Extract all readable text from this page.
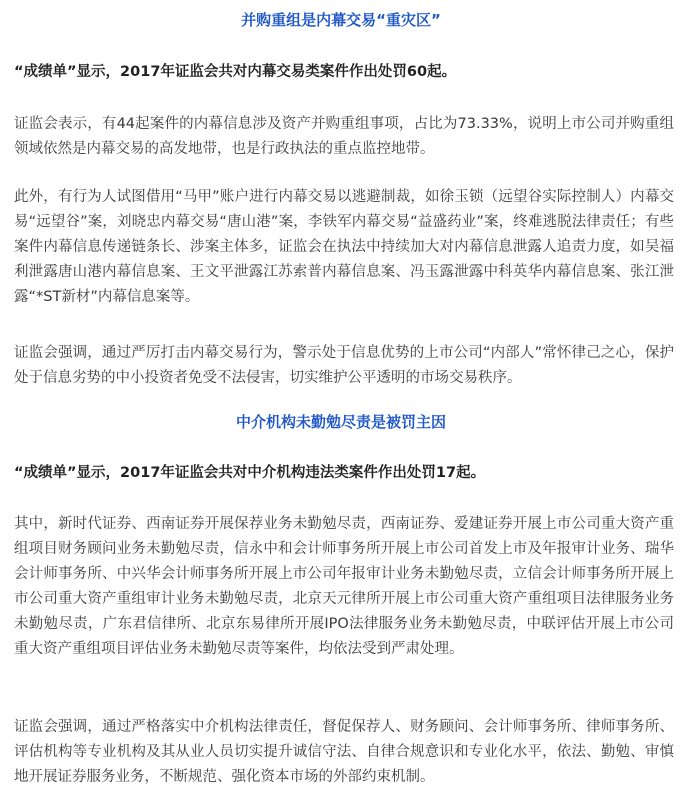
并购重组是内幕交易“重灾区”

“成绩单”显示，2017年证监会共对内幕交易类案件作出处罚60起。

证监会表示，有44起案件的内幕信息涉及资产并购重组事项，占比为73.33%，说明上市公司并购重组领域依然是内幕交易的高发地带，也是行政执法的重点监控地带。

此外，有行为人试图借用“马甲”账户进行内幕交易以逃避制裁，如徐玉锁（远望谷实际控制人）内幕交易“远望谷”案，刘晓忠内幕交易“唐山港”案，李铁军内幕交易“益盛药业”案，终难逃脱法律责任；有些案件内幕信息传递链条长、涉案主体多，证监会在执法中持续加大对内幕信息泄露人追责力度，如吴福利泄露唐山港内幕信息案、王文平泄露江苏索普内幕信息案、冯玉露泄露中科英华内幕信息案、张江泄露“*ST新材”内幕信息案等。

证监会强调，通过严厉打击内幕交易行为，警示处于信息优势的上市公司“内部人”常怀律己之心，保护处于信息劣势的中小投资者免受不法侵害，切实维护公平透明的市场交易秩序。

中介机构未勤勉尽责是被罚主因

“成绩单”显示，2017年证监会共对中介机构违法类案件作出处罚17起。

其中，新时代证券、西南证券开展保荐业务未勤勉尽责，西南证券、爱建证券开展上市公司重大资产重组项目财务顾问业务未勤勉尽责，信永中和会计师事务所开展上市公司首发上市及年报审计业务、瑞华会计师事务所、中兴华会计师事务所开展上市公司年报审计业务未勤勉尽责，立信会计师事务所开展上市公司重大资产重组审计业务未勤勉尽责，北京天元律所开展上市公司重大资产重组项目法律服务业务未勤勉尽责，广东君信律所、北京东易律所开展IPO法律服务业务未勤勉尽责，中联评估开展上市公司重大资产重组项目评估业务未勤勉尽责等案件，均依法受到严肃处理。

证监会强调，通过严格落实中介机构法律责任，督促保荐人、财务顾问、会计师事务所、律师事务所、评估机构等专业机构及其从业人员切实提升诚信守法、自律合规意识和专业化水平，依法、勤勉、审慎地开展证券服务业务，不断规范、强化资本市场的外部约束机制。
